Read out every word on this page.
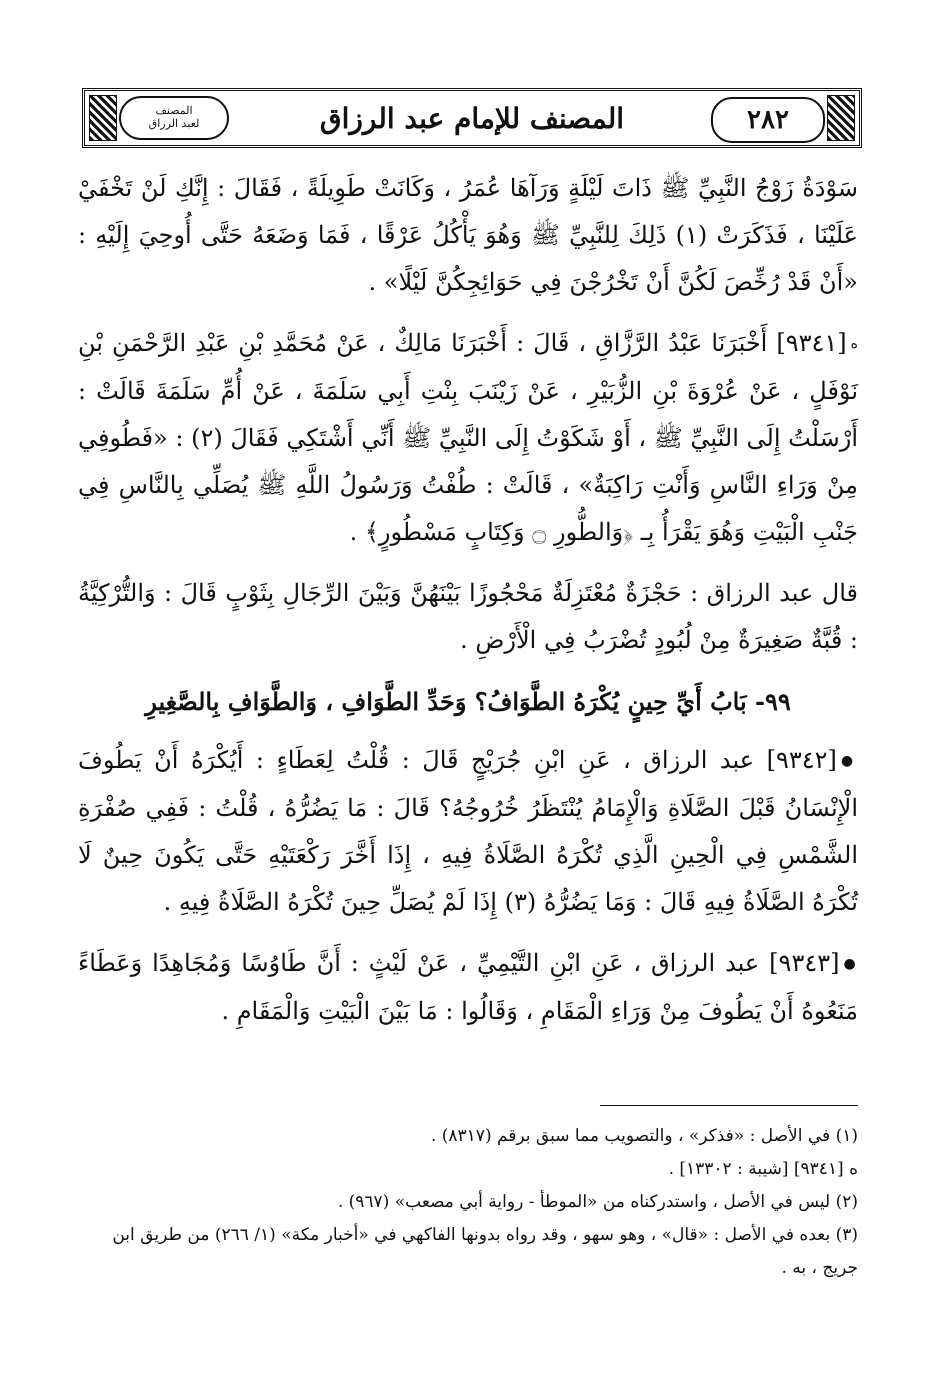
المصنف
لعبد الرزاق	المصنف للإمام عبد الرزاق	٢٨٢

سَوْدَةُ زَوْجُ النَّبِيِّ ﷺ ذَاتَ لَيْلَةٍ وَرَآهَا عُمَرُ ، وَكَانَتْ طَوِيلَةً ، فَقَالَ : إِنَّكِ لَنْ تَخْفَيْ عَلَيْنَا ، فَذَكَرَتْ (١) ذَلِكَ لِلنَّبِيِّ ﷺ وَهُوَ يَأْكُلُ عَرْقًا ، فَمَا وَضَعَهُ حَتَّى أُوحِيَ إِلَيْهِ : «أَنْ قَدْ رُخِّصَ لَكُنَّ أَنْ تَخْرُجْنَ فِي حَوَائِجِكُنَّ لَيْلًا» .

ﻩ[٩٣٤١] أَخْبَرَنَا عَبْدُ الرَّزَّاقِ ، قَالَ : أَخْبَرَنَا مَالِكٌ ، عَنْ مُحَمَّدِ بْنِ عَبْدِ الرَّحْمَنِ بْنِ نَوْفَلٍ ، عَنْ عُرْوَةَ بْنِ الزُّبَيْرِ ، عَنْ زَيْنَبَ بِنْتِ أَبِي سَلَمَةَ ، عَنْ أُمِّ سَلَمَةَ قَالَتْ : أَرْسَلْتُ إِلَى النَّبِيِّ ﷺ ، أَوْ شَكَوْتُ إِلَى النَّبِيِّ ﷺ أَنِّي أَشْتَكِي فَقَالَ (٢) : «فَطُوفِي مِنْ وَرَاءِ النَّاسِ وَأَنْتِ رَاكِبَةٌ» ، قَالَتْ : طُفْتُ وَرَسُولُ اللَّهِ ﷺ يُصَلِّي بِالنَّاسِ فِي جَنْبِ الْبَيْتِ وَهُوَ يَقْرَأُ بِـ ﴿وَالطُّورِ ۝ وَكِتَابٍ مَسْطُورٍ﴾ .

قال عبد الرزاق : حَجْزَةٌ مُعْتَزِلَةٌ مَحْجُوزًا بَيْنَهُنَّ وَبَيْنَ الرِّجَالِ بِثَوْبٍ قَالَ : وَالتُّرْكِيَّةُ : قُبَّةٌ صَغِيرَةٌ مِنْ لُبُودٍ تُضْرَبُ فِي الْأَرْضِ .

٩٩- بَابُ أَيِّ حِينٍ يُكْرَهُ الطَّوَافُ؟ وَحَدِّ الطَّوَافِ ، وَالطَّوَافِ بِالصَّغِيرِ

●[٩٣٤٢] عبد الرزاق ، عَنِ ابْنِ جُرَيْجٍ قَالَ : قُلْتُ لِعَطَاءٍ : أَيُكْرَهُ أَنْ يَطُوفَ الْإِنْسَانُ قَبْلَ الصَّلَاةِ وَالْإِمَامُ يُنْتَظَرُ خُرُوجُهُ؟ قَالَ : مَا يَضُرُّهُ ، قُلْتُ : فَفِي صُفْرَةِ الشَّمْسِ فِي الْحِينِ الَّذِي تُكْرَهُ الصَّلَاةُ فِيهِ ، إِذَا أَخَّرَ رَكْعَتَيْهِ حَتَّى يَكُونَ حِينٌ لَا تُكْرَهُ الصَّلَاةُ فِيهِ قَالَ : وَمَا يَضُرُّهُ (٣) إِذَا لَمْ يُصَلِّ حِينَ تُكْرَهُ الصَّلَاةُ فِيهِ .

●[٩٣٤٣] عبد الرزاق ، عَنِ ابْنِ التَّيْمِيِّ ، عَنْ لَيْثٍ : أَنَّ طَاوُسًا وَمُجَاهِدًا وَعَطَاءً مَنَعُوهُ أَنْ يَطُوفَ مِنْ وَرَاءِ الْمَقَامِ ، وَقَالُوا : مَا بَيْنَ الْبَيْتِ وَالْمَقَامِ .

(١) في الأصل : «فذكر» ، والتصويب مما سبق برقم (٨٣١٧) .

ﻩ [٩٣٤١] [شيبة : ١٣٣٠٢] .

(٢) ليس في الأصل ، واستدركناه من «الموطأ - رواية أبي مصعب» (٩٦٧) .

(٣) بعده في الأصل : «قال» ، وهو سهو ، وقد رواه بدونها الفاكهي في «أخبار مكة» (١/ ٢٦٦) من طريق ابن جريج ، به .
